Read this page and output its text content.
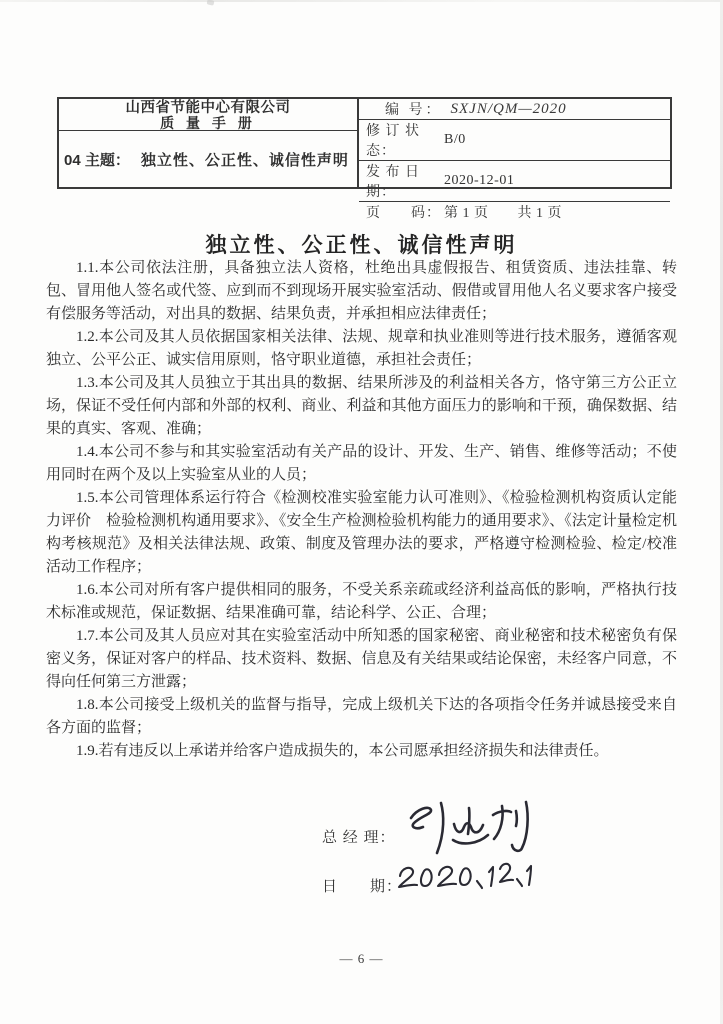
山西省节能中心有限公司
质 量 手 册
04 主题： 独立性、公正性、诚信性声明
编 号： SXJN/QM—2020
修 订 状 态：
B/0
发 布 日 期：
2020-12-01
页　　码： 第 1 页　　共 1 页
独立性、公正性、诚信性声明

1.1.本公司依法注册，具备独立法人资格，杜绝出具虚假报告、租赁资质、违法挂靠、转包、冒用他人签名或代签、应到而不到现场开展实验室活动、假借或冒用他人名义要求客户接受有偿服务等活动，对出具的数据、结果负责，并承担相应法律责任；

1.2.本公司及其人员依据国家相关法律、法规、规章和执业准则等进行技术服务，遵循客观独立、公平公正、诚实信用原则，恪守职业道德，承担社会责任；

1.3.本公司及其人员独立于其出具的数据、结果所涉及的利益相关各方，恪守第三方公正立场，保证不受任何内部和外部的权利、商业、利益和其他方面压力的影响和干预，确保数据、结果的真实、客观、准确；

1.4.本公司不参与和其实验室活动有关产品的设计、开发、生产、销售、维修等活动；不使用同时在两个及以上实验室从业的人员；

1.5.本公司管理体系运行符合《检测校准实验室能力认可准则》、《检验检测机构资质认定能力评价　检验检测机构通用要求》、《安全生产检测检验机构能力的通用要求》、《法定计量检定机构考核规范》及相关法律法规、政策、制度及管理办法的要求，严格遵守检测检验、检定/校准活动工作程序；

1.6.本公司对所有客户提供相同的服务，不受关系亲疏或经济利益高低的影响，严格执行技术标准或规范，保证数据、结果准确可靠，结论科学、公正、合理；

1.7.本公司及其人员应对其在实验室活动中所知悉的国家秘密、商业秘密和技术秘密负有保密义务，保证对客户的样品、技术资料、数据、信息及有关结果或结论保密，未经客户同意，不得向任何第三方泄露；

1.8.本公司接受上级机关的监督与指导，完成上级机关下达的各项指令任务并诚恳接受来自各方面的监督；

1.9.若有违反以上承诺并给客户造成损失的，本公司愿承担经济损失和法律责任。

总 经 理：
日　　期：
— 6 —
